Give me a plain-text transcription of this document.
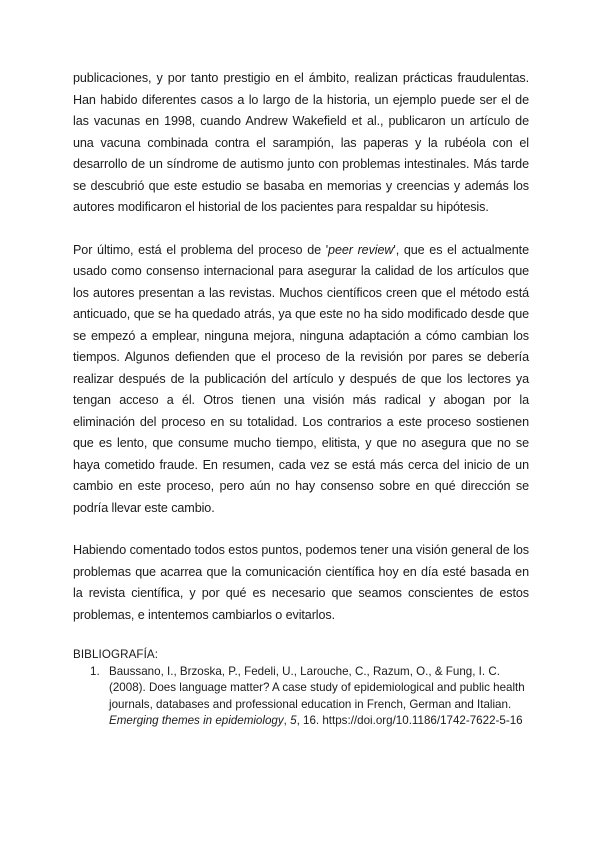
publicaciones, y por tanto prestigio en el ámbito, realizan prácticas fraudulentas. Han habido diferentes casos a lo largo de la historia, un ejemplo puede ser el de las vacunas en 1998, cuando Andrew Wakefield et al., publicaron un artículo de una vacuna combinada contra el sarampión, las paperas y la rubéola con el desarrollo de un síndrome de autismo junto con problemas intestinales. Más tarde se descubrió que este estudio se basaba en memorias y creencias y además los autores modificaron el historial de los pacientes para respaldar su hipótesis.

Por último, está el problema del proceso de 'peer review', que es el actualmente usado como consenso internacional para asegurar la calidad de los artículos que los autores presentan a las revistas. Muchos científicos creen que el método está anticuado, que se ha quedado atrás, ya que este no ha sido modificado desde que se empezó a emplear, ninguna mejora, ninguna adaptación a cómo cambian los tiempos. Algunos defienden que el proceso de la revisión por pares se debería realizar después de la publicación del artículo y después de que los lectores ya tengan acceso a él. Otros tienen una visión más radical y abogan por la eliminación del proceso en su totalidad. Los contrarios a este proceso sostienen que es lento, que consume mucho tiempo, elitista, y que no asegura que no se haya cometido fraude. En resumen, cada vez se está más cerca del inicio de un cambio en este proceso, pero aún no hay consenso sobre en qué dirección se podría llevar este cambio.

Habiendo comentado todos estos puntos, podemos tener una visión general de los problemas que acarrea que la comunicación científica hoy en día esté basada en la revista científica, y por qué es necesario que seamos conscientes de estos problemas, e intentemos cambiarlos o evitarlos.

BIBLIOGRAFÍA:
1. Baussano, I., Brzoska, P., Fedeli, U., Larouche, C., Razum, O., & Fung, I. C. (2008). Does language matter? A case study of epidemiological and public health journals, databases and professional education in French, German and Italian. Emerging themes in epidemiology, 5, 16. https://doi.org/10.1186/1742-7622-5-16
